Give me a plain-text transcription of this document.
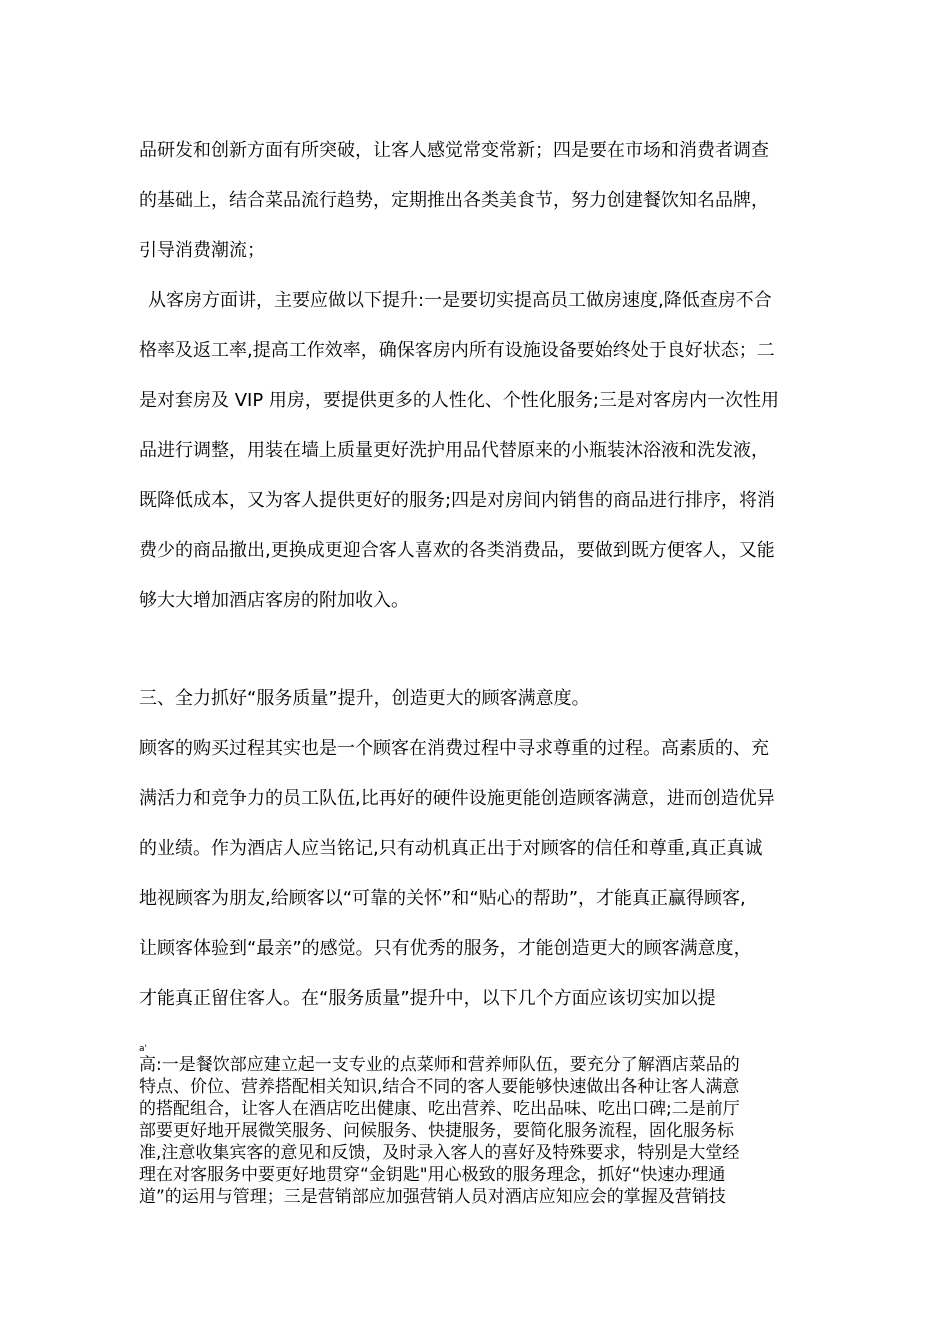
品研发和创新方面有所突破，让客人感觉常变常新；四是要在市场和消费者调查

的基础上，结合菜品流行趋势，定期推出各类美食节，努力创建餐饮知名品牌，

引导消费潮流；

从客房方面讲，主要应做以下提升:一是要切实提高员工做房速度,降低查房不合

格率及返工率,提高工作效率，确保客房内所有设施设备要始终处于良好状态；二

是对套房及 VIP 用房，要提供更多的人性化、个性化服务;三是对客房内一次性用

品进行调整，用装在墙上质量更好洗护用品代替原来的小瓶装沐浴液和洗发液，

既降低成本，又为客人提供更好的服务;四是对房间内销售的商品进行排序，将消

费少的商品撤出,更换成更迎合客人喜欢的各类消费品，要做到既方便客人，又能

够大大增加酒店客房的附加收入。

三、全力抓好“服务质量”提升，创造更大的顾客满意度。

顾客的购买过程其实也是一个顾客在消费过程中寻求尊重的过程。高素质的、充

满活力和竞争力的员工队伍,比再好的硬件设施更能创造顾客满意，进而创造优异

的业绩。作为酒店人应当铭记,只有动机真正出于对顾客的信任和尊重,真正真诚

地视顾客为朋友,给顾客以“可靠的关怀”和“贴心的帮助”，才能真正赢得顾客,

让顾客体验到“最亲”的感觉。只有优秀的服务，才能创造更大的顾客满意度，

才能真正留住客人。在“服务质量”提升中，以下几个方面应该切实加以提

a'

高:一是餐饮部应建立起一支专业的点菜师和营养师队伍，要充分了解酒店菜品的

特点、价位、营养搭配相关知识,结合不同的客人要能够快速做出各种让客人满意

的搭配组合，让客人在酒店吃出健康、吃出营养、吃出品味、吃出口碑;二是前厅

部要更好地开展微笑服务、问候服务、快捷服务，要简化服务流程，固化服务标

准,注意收集宾客的意见和反馈，及时录入客人的喜好及特殊要求，特别是大堂经

理在对客服务中要更好地贯穿“金钥匙"用心极致的服务理念，抓好“快速办理通

道”的运用与管理；三是营销部应加强营销人员对酒店应知应会的掌握及营销技
